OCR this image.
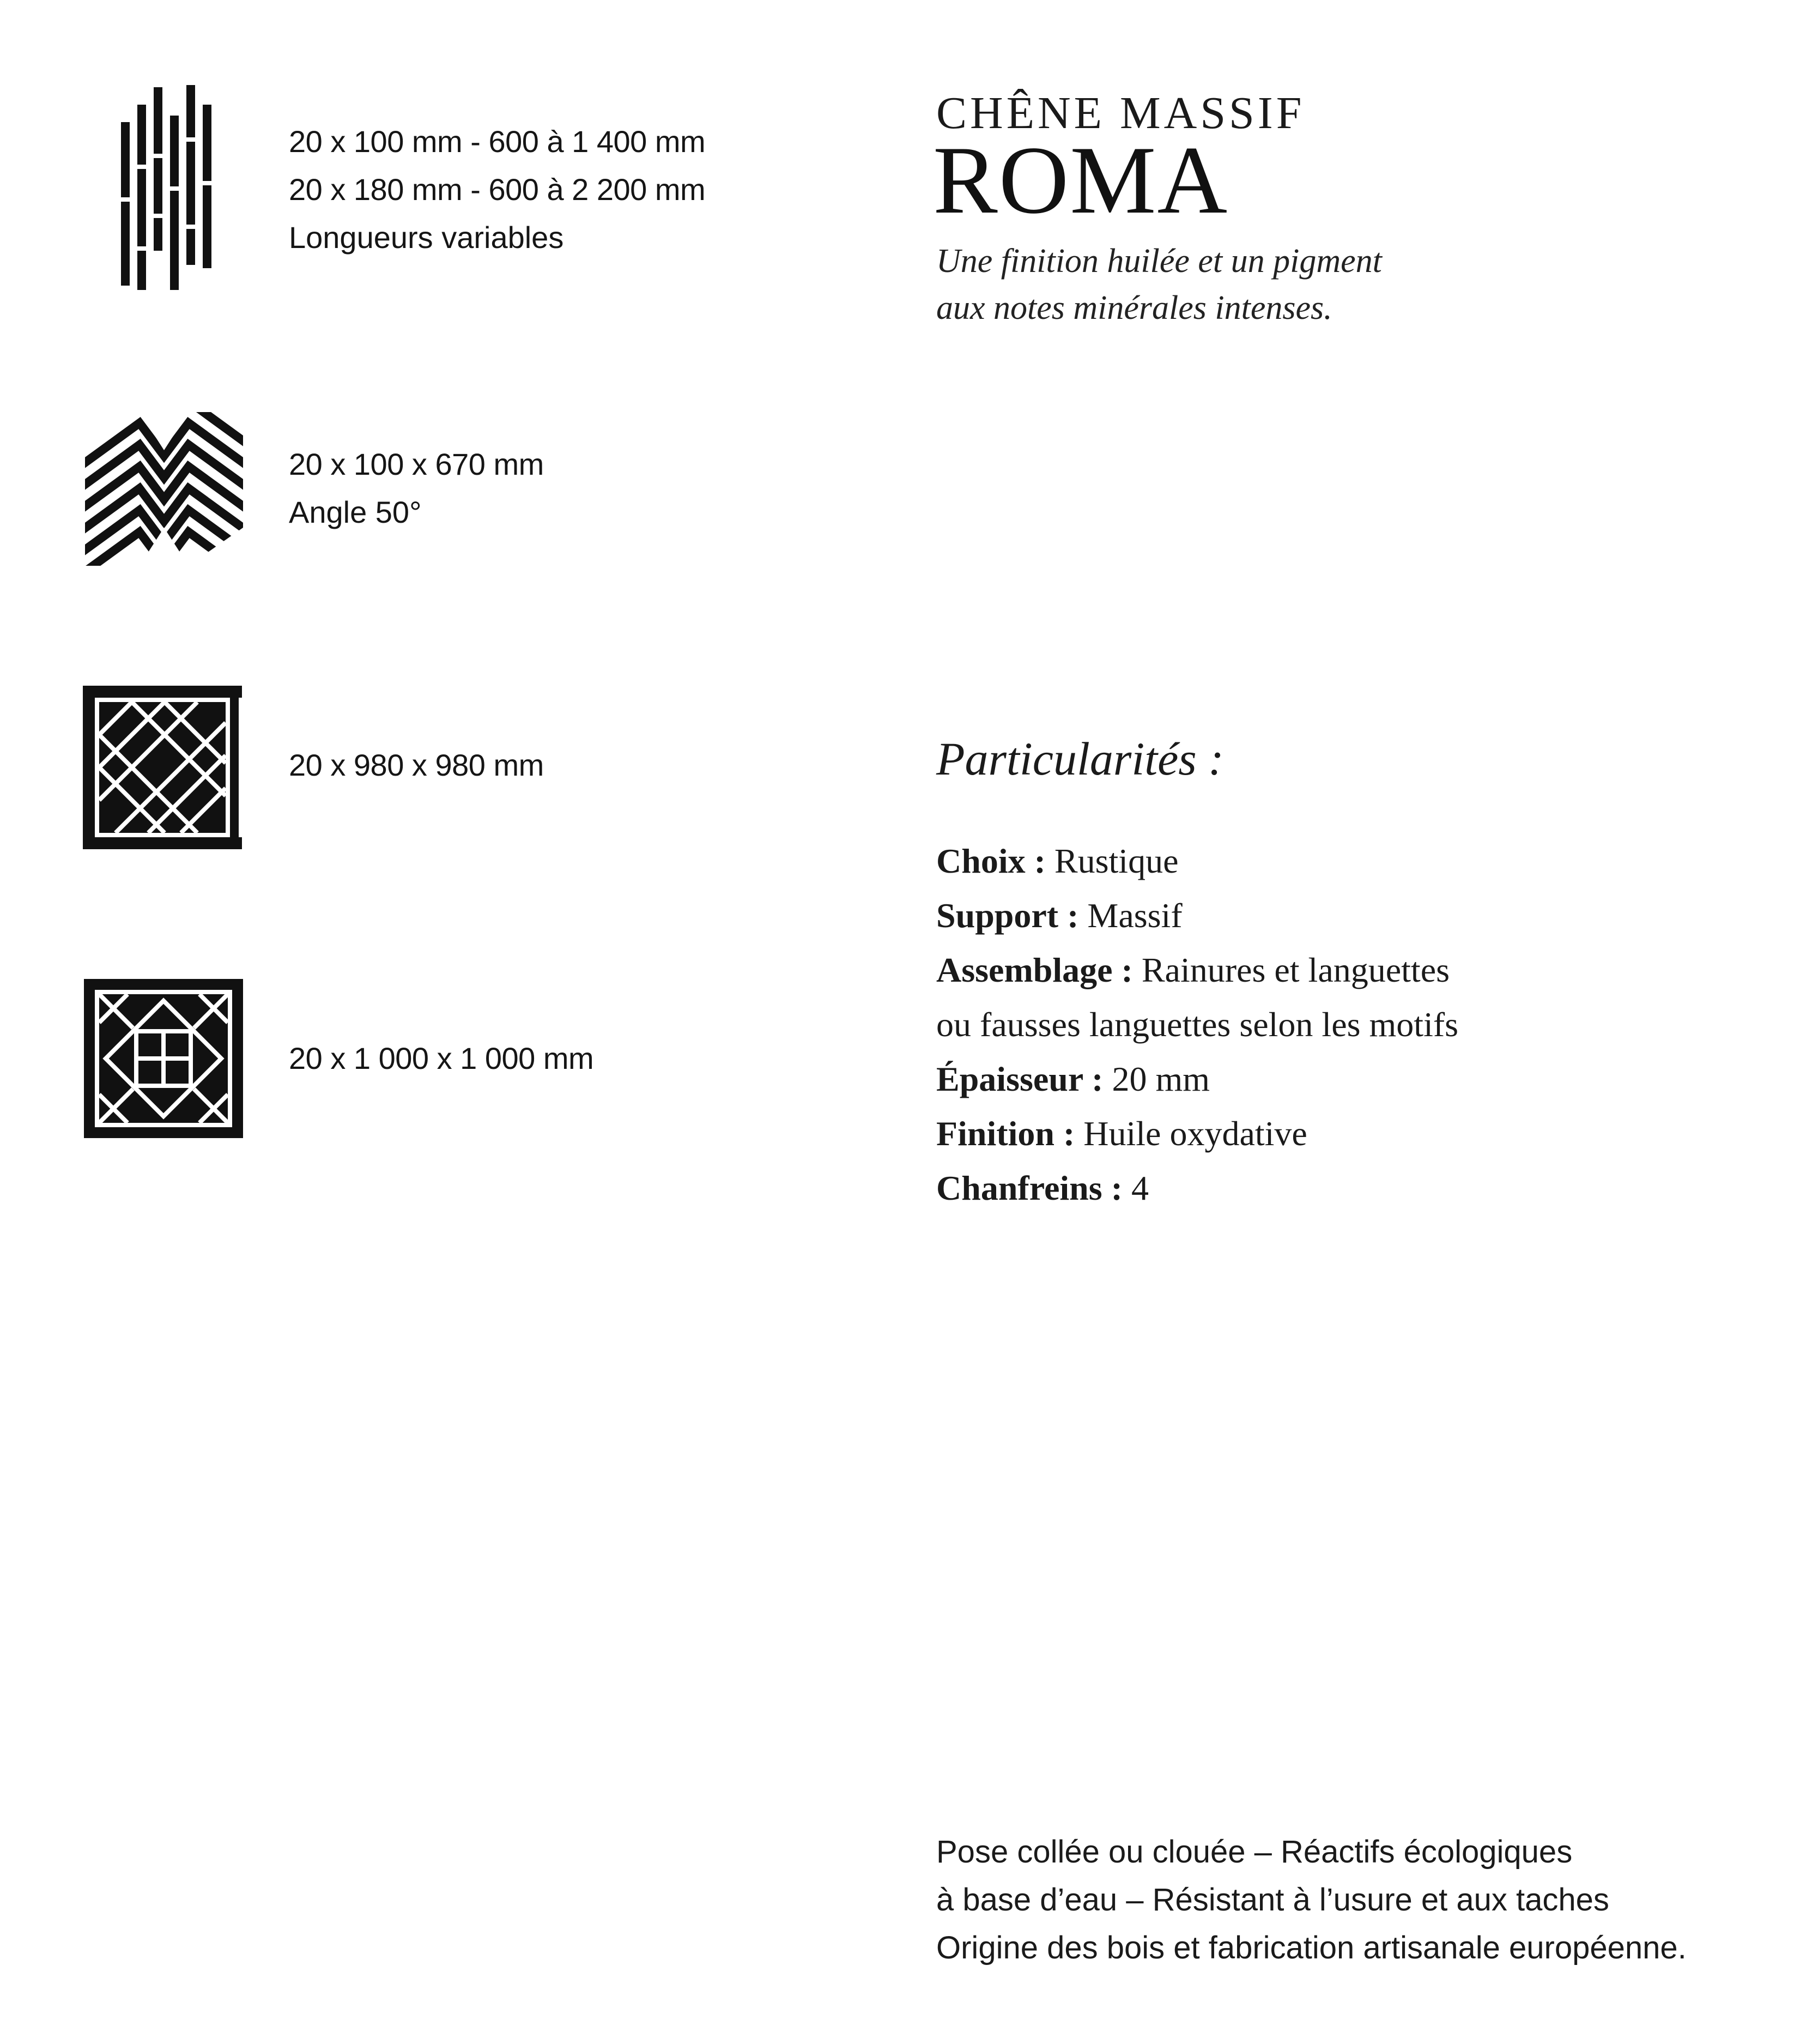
20 x 100 mm - 600 à 1 400 mm
20 x 180 mm - 600 à 2 200 mm
Longueurs variables
20 x 100 x 670 mm
Angle 50°
20 x 980 x 980 mm
20 x 1 000 x 1 000 mm
CHÊNE MASSIF
ROMA
Une finition huilée et un pigment
aux notes minérales intenses.
Particularités :
Choix : Rustique
Support : Massif
Assemblage : Rainures et languettes
ou fausses languettes selon les motifs
Épaisseur : 20 mm
Finition : Huile oxydative
Chanfreins : 4
Pose collée ou clouée – Réactifs écologiques
à base d’eau – Résistant à l’usure et aux taches
Origine des bois et fabrication artisanale européenne.
